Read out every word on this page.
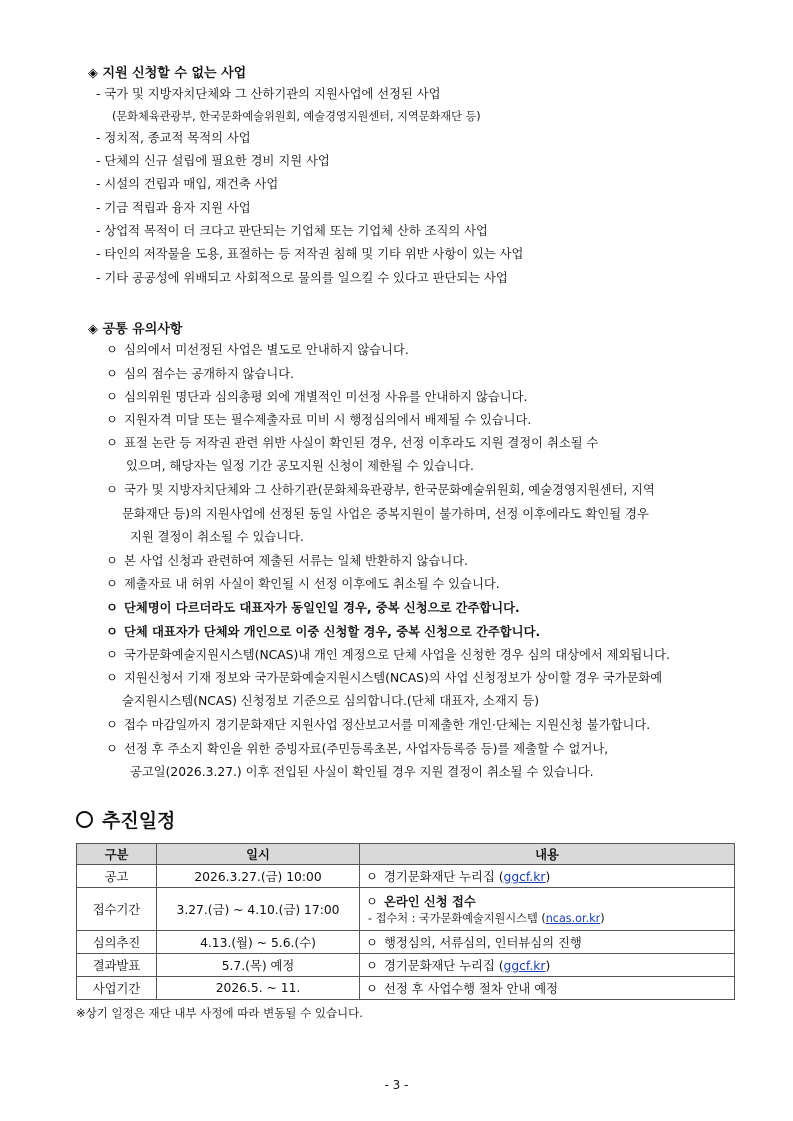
◈ 지원 신청할 수 없는 사업
- 국가 및 지방자치단체와 그 산하기관의 지원사업에 선정된 사업
(문화체육관광부, 한국문화예술위원회, 예술경영지원센터, 지역문화재단 등)
- 정치적, 종교적 목적의 사업
- 단체의 신규 설립에 필요한 경비 지원 사업
- 시설의 건립과 매입, 재건축 사업
- 기금 적립과 융자 지원 사업
- 상업적 목적이 더 크다고 판단되는 기업체 또는 기업체 산하 조직의 사업
- 타인의 저작물을 도용, 표절하는 등 저작권 침해 및 기타 위반 사항이 있는 사업
- 기타 공공성에 위배되고 사회적으로 물의를 일으킬 수 있다고 판단되는 사업
◈ 공통 유의사항
ㅇ 심의에서 미선정된 사업은 별도로 안내하지 않습니다.
ㅇ 심의 점수는 공개하지 않습니다.
ㅇ 심의위원 명단과 심의총평 외에 개별적인 미선정 사유를 안내하지 않습니다.
ㅇ 지원자격 미달 또는 필수제출자료 미비 시 행정심의에서 배제될 수 있습니다.
ㅇ 표절 논란 등 저작권 관련 위반 사실이 확인된 경우, 선정 이후라도 지원 결정이 취소될 수
있으며, 해당자는 일정 기간 공모지원 신청이 제한될 수 있습니다.
ㅇ 국가 및 지방자치단체와 그 산하기관(문화체육관광부, 한국문화예술위원회, 예술경영지원센터, 지역
문화재단 등)의 지원사업에 선정된 동일 사업은 중복지원이 불가하며, 선정 이후에라도 확인될 경우
지원 결정이 취소될 수 있습니다.
ㅇ 본 사업 신청과 관련하여 제출된 서류는 일체 반환하지 않습니다.
ㅇ 제출자료 내 허위 사실이 확인될 시 선정 이후에도 취소될 수 있습니다.
ㅇ 단체명이 다르더라도 대표자가 동일인일 경우, 중복 신청으로 간주합니다.
ㅇ 단체 대표자가 단체와 개인으로 이중 신청할 경우, 중복 신청으로 간주합니다.
ㅇ 국가문화예술지원시스템(NCAS)내 개인 계정으로 단체 사업을 신청한 경우 심의 대상에서 제외됩니다.
ㅇ 지원신청서 기재 정보와 국가문화예술지원시스템(NCAS)의 사업 신청정보가 상이할 경우 국가문화예
술지원시스템(NCAS) 신청정보 기준으로 심의합니다.(단체 대표자, 소재지 등)
ㅇ 접수 마감일까지 경기문화재단 지원사업 정산보고서를 미제출한 개인·단체는 지원신청 불가합니다.
ㅇ 선정 후 주소지 확인을 위한 증빙자료(주민등록초본, 사업자등록증 등)를 제출할 수 없거나,
공고일(2026.3.27.) 이후 전입된 사실이 확인될 경우 지원 결정이 취소될 수 있습니다.
추진일정
구분	일시	내용
공고	2026.3.27.(금) 10:00	ㅇ 경기문화재단 누리집 (ggcf.kr)
접수기간	3.27.(금) ~ 4.10.(금) 17:00	ㅇ 온라인 신청 접수
- 접수처 : 국가문화예술지원시스템 (ncas.or.kr)

심의추진	4.13.(월) ~ 5.6.(수)	ㅇ 행정심의, 서류심의, 인터뷰심의 진행
결과발표	5.7.(목) 예정	ㅇ 경기문화재단 누리집 (ggcf.kr)
사업기간	2026.5. ~ 11.	ㅇ 선정 후 사업수행 절차 안내 예정
※상기 일정은 재단 내부 사정에 따라 변동될 수 있습니다.
- 3 -
